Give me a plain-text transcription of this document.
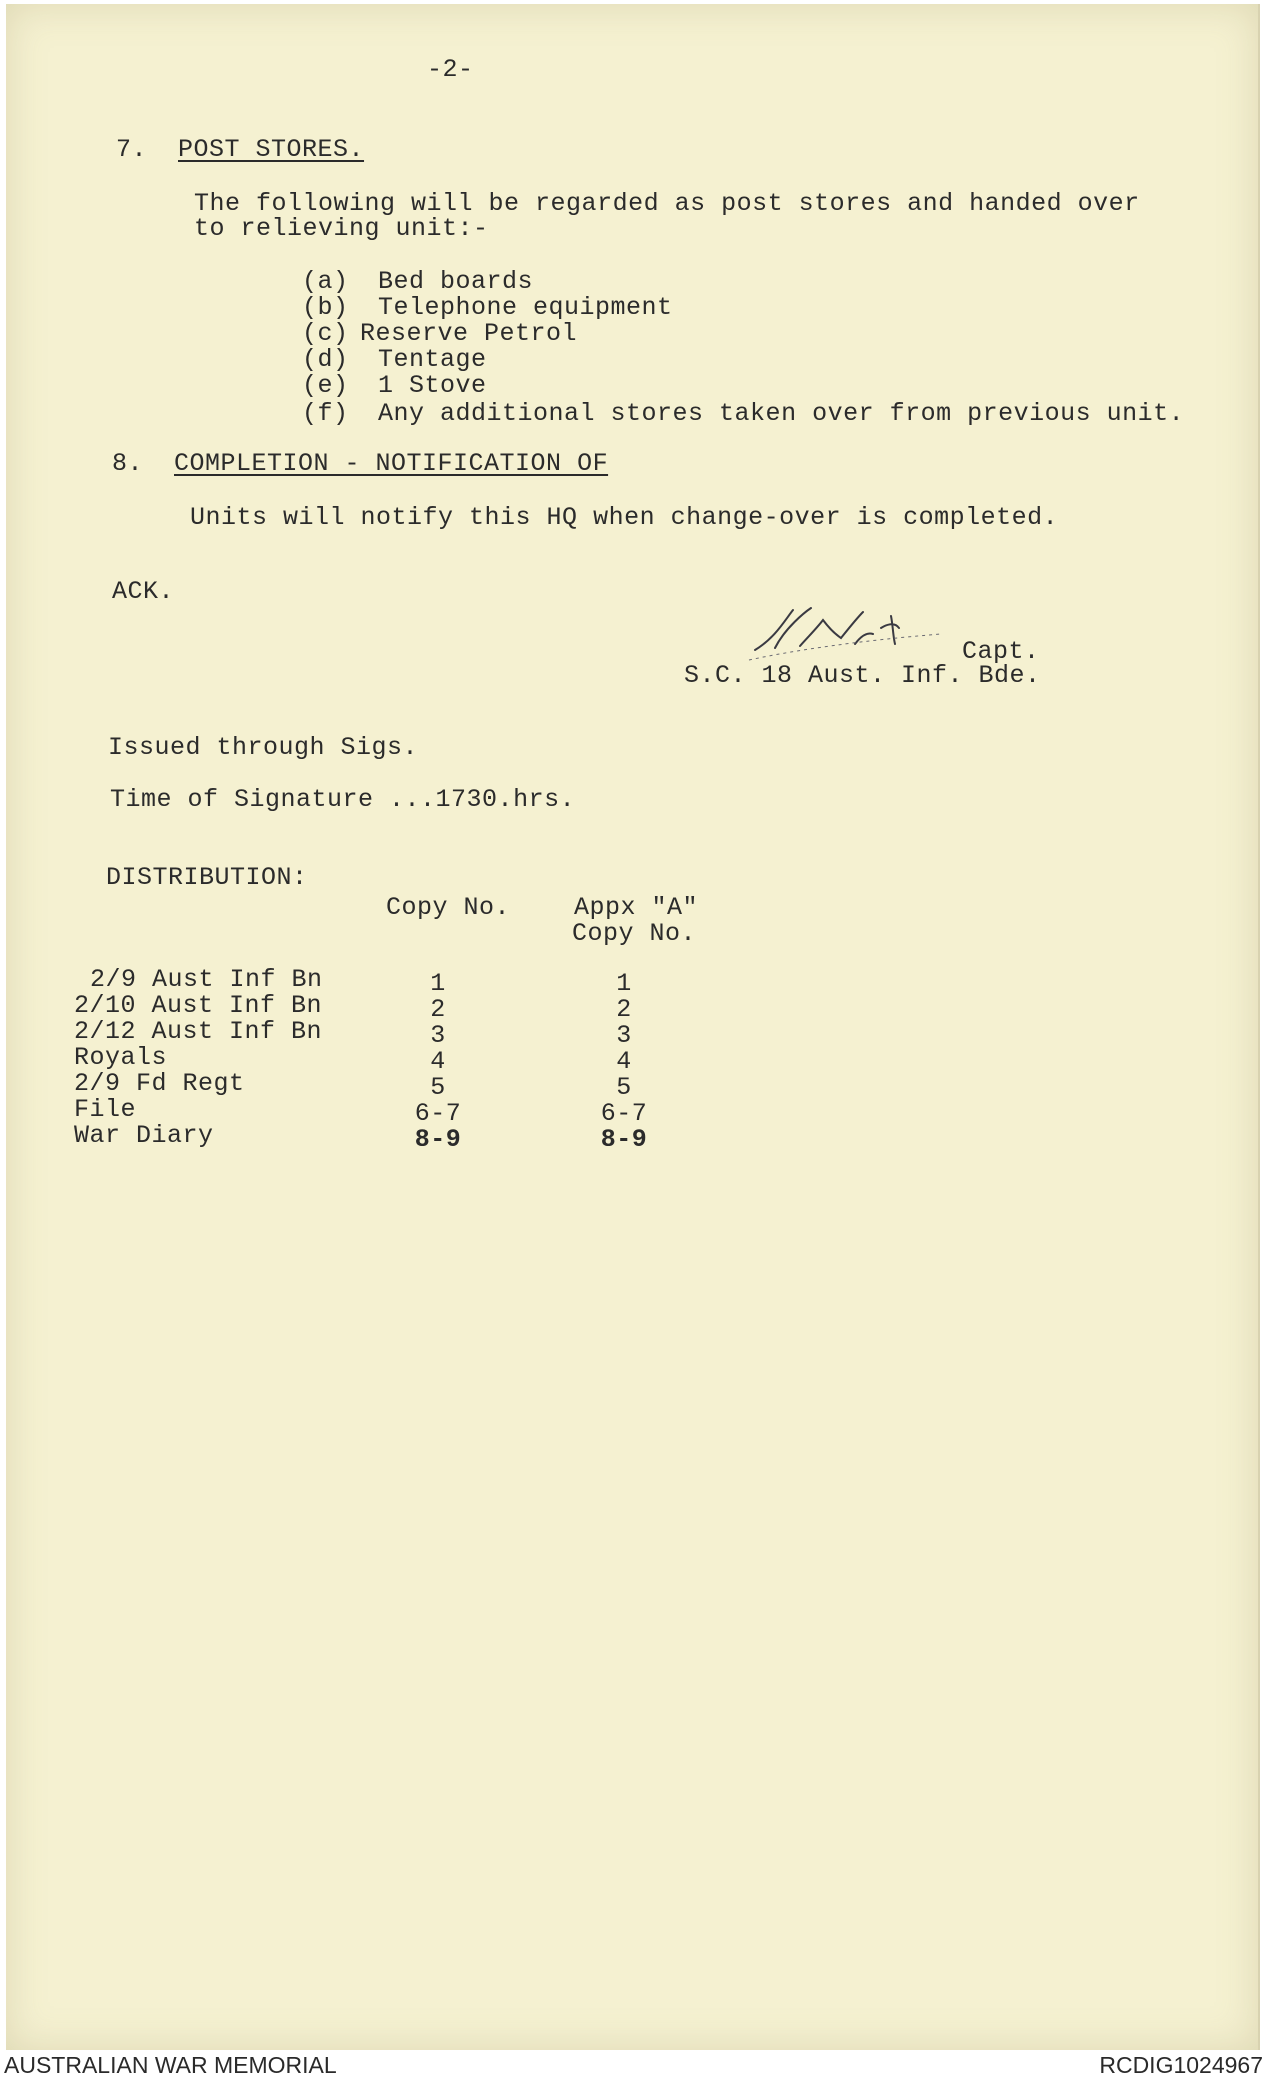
-2-
7. POST STORES.
The following will be regarded as post stores and handed over
to relieving unit:-
(a) Bed boards
(b) Telephone equipment
(c) Reserve Petrol
(d) Tentage
(e) 1 Stove
(f) Any additional stores taken over from previous unit.
8. COMPLETION - NOTIFICATION OF
Units will notify this HQ when change-over is completed.
ACK.
Capt.
S.C. 18 Aust. Inf. Bde.
Issued through Sigs.
Time of Signature ...1730.hrs.
DISTRIBUTION:
Copy No.	Appx "A"
Copy No.
2/9 Aust Inf Bn	1	1
2/10 Aust Inf Bn	2	2
2/12 Aust Inf Bn	3	3
Royals	4	4
2/9 Fd Regt	5	5
File	6-7	6-7
War Diary	8-9	8-9
AUSTRALIAN WAR MEMORIAL	RCDIG1024967
